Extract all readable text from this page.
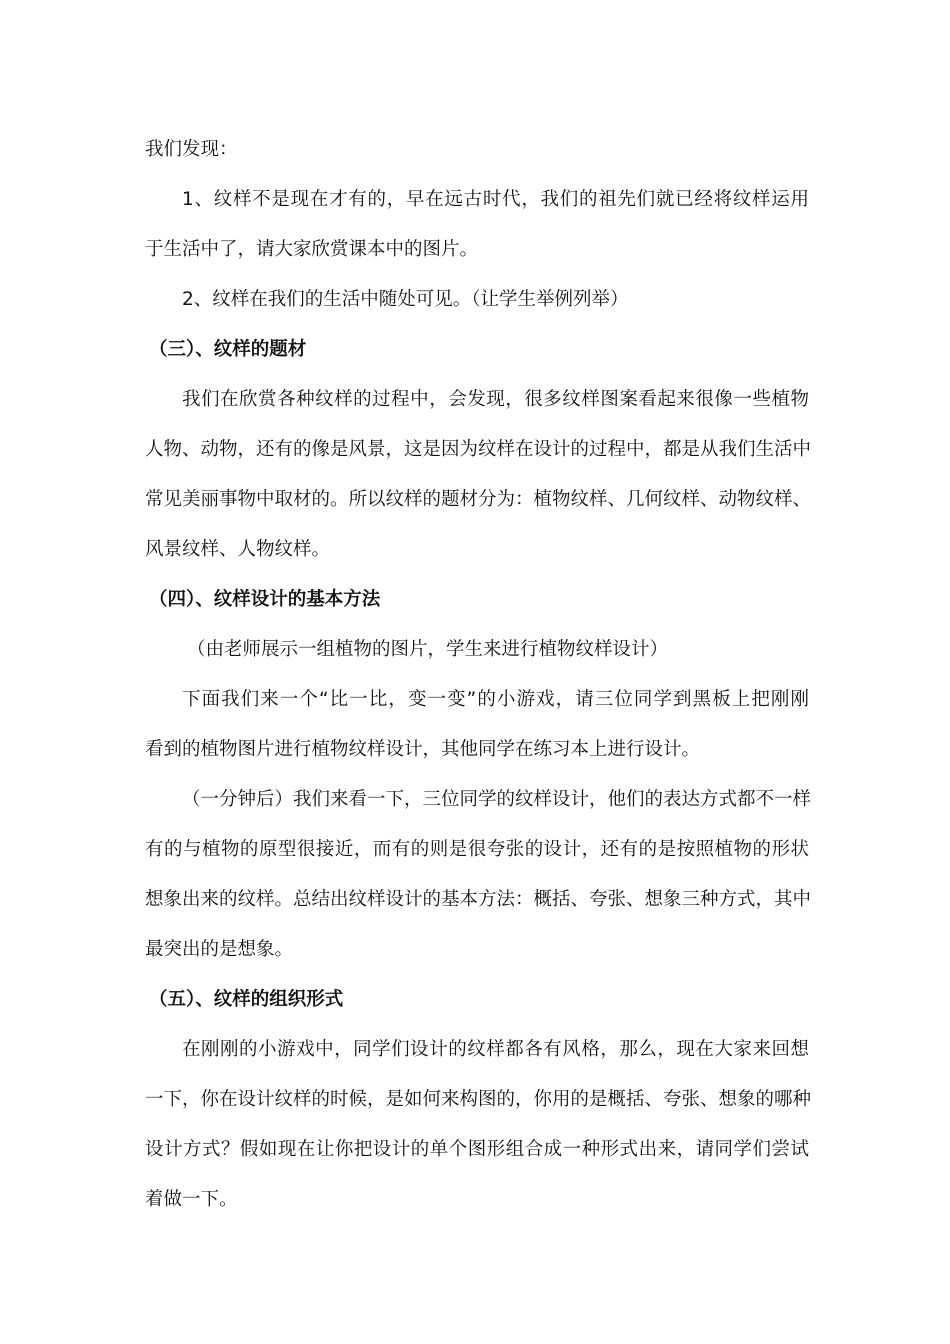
我们发现：
1、纹样不是现在才有的，早在远古时代，我们的祖先们就已经将纹样运用
于生活中了，请大家欣赏课本中的图片。
2、纹样在我们的生活中随处可见。（让学生举例列举）
（三）、纹样的题材
我们在欣赏各种纹样的过程中，会发现，很多纹样图案看起来很像一些植物
人物、动物，还有的像是风景，这是因为纹样在设计的过程中，都是从我们生活中
常见美丽事物中取材的。所以纹样的题材分为：植物纹样、几何纹样、动物纹样、
风景纹样、人物纹样。
（四）、纹样设计的基本方法
（由老师展示一组植物的图片，学生来进行植物纹样设计）
下面我们来一个“比一比，变一变”的小游戏，请三位同学到黑板上把刚刚
看到的植物图片进行植物纹样设计，其他同学在练习本上进行设计。
（一分钟后）我们来看一下，三位同学的纹样设计，他们的表达方式都不一样
有的与植物的原型很接近，而有的则是很夸张的设计，还有的是按照植物的形状
想象出来的纹样。总结出纹样设计的基本方法：概括、夸张、想象三种方式，其中
最突出的是想象。
（五）、纹样的组织形式
在刚刚的小游戏中，同学们设计的纹样都各有风格，那么，现在大家来回想
一下，你在设计纹样的时候，是如何来构图的，你用的是概括、夸张、想象的哪种
设计方式？假如现在让你把设计的单个图形组合成一种形式出来，请同学们尝试
着做一下。
